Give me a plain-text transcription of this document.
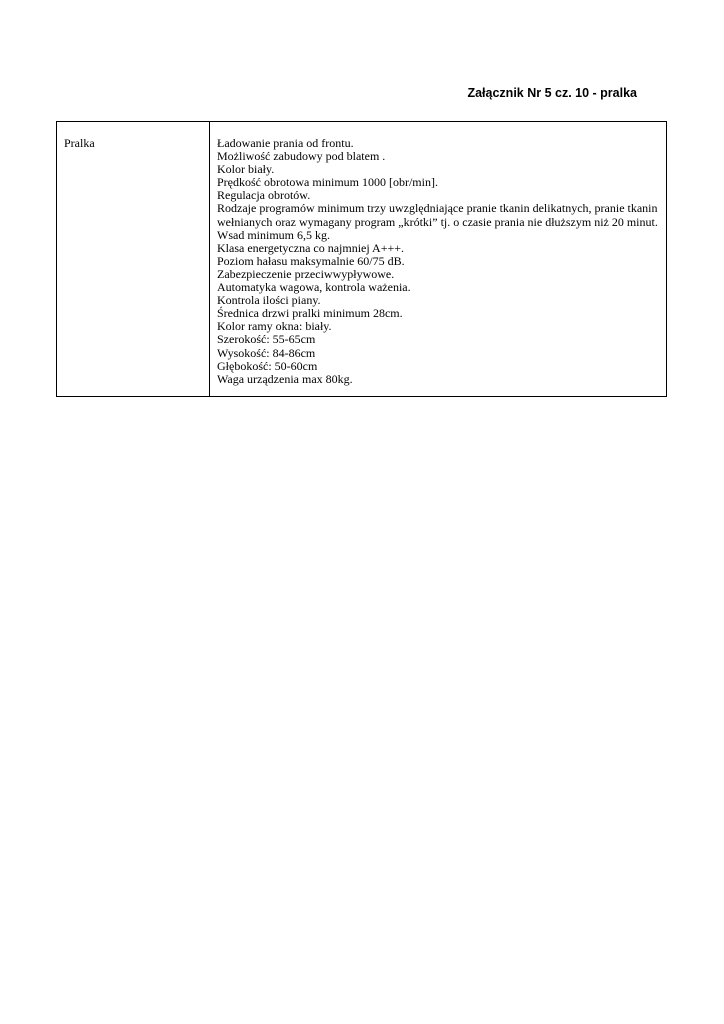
Załącznik Nr 5 cz. 10 - pralka
Pralka	Ładowanie prania od frontu.
Możliwość zabudowy pod blatem .
Kolor biały.
Prędkość obrotowa minimum 1000 [obr/min].
Regulacja obrotów.
Rodzaje programów minimum trzy uwzględniające pranie tkanin delikatnych, pranie tkanin wełnianych oraz wymagany program „krótki” tj. o czasie prania nie dłuższym niż 20 minut.
Wsad minimum 6,5 kg.
Klasa energetyczna co najmniej A+++.
Poziom hałasu maksymalnie 60/75 dB.
Zabezpieczenie przeciwwypływowe.
Automatyka wagowa, kontrola ważenia.
Kontrola ilości piany.
Średnica drzwi pralki minimum 28cm.
Kolor ramy okna: biały.
Szerokość: 55-65cm
Wysokość: 84-86cm
Głębokość: 50-60cm
Waga urządzenia max 80kg.
